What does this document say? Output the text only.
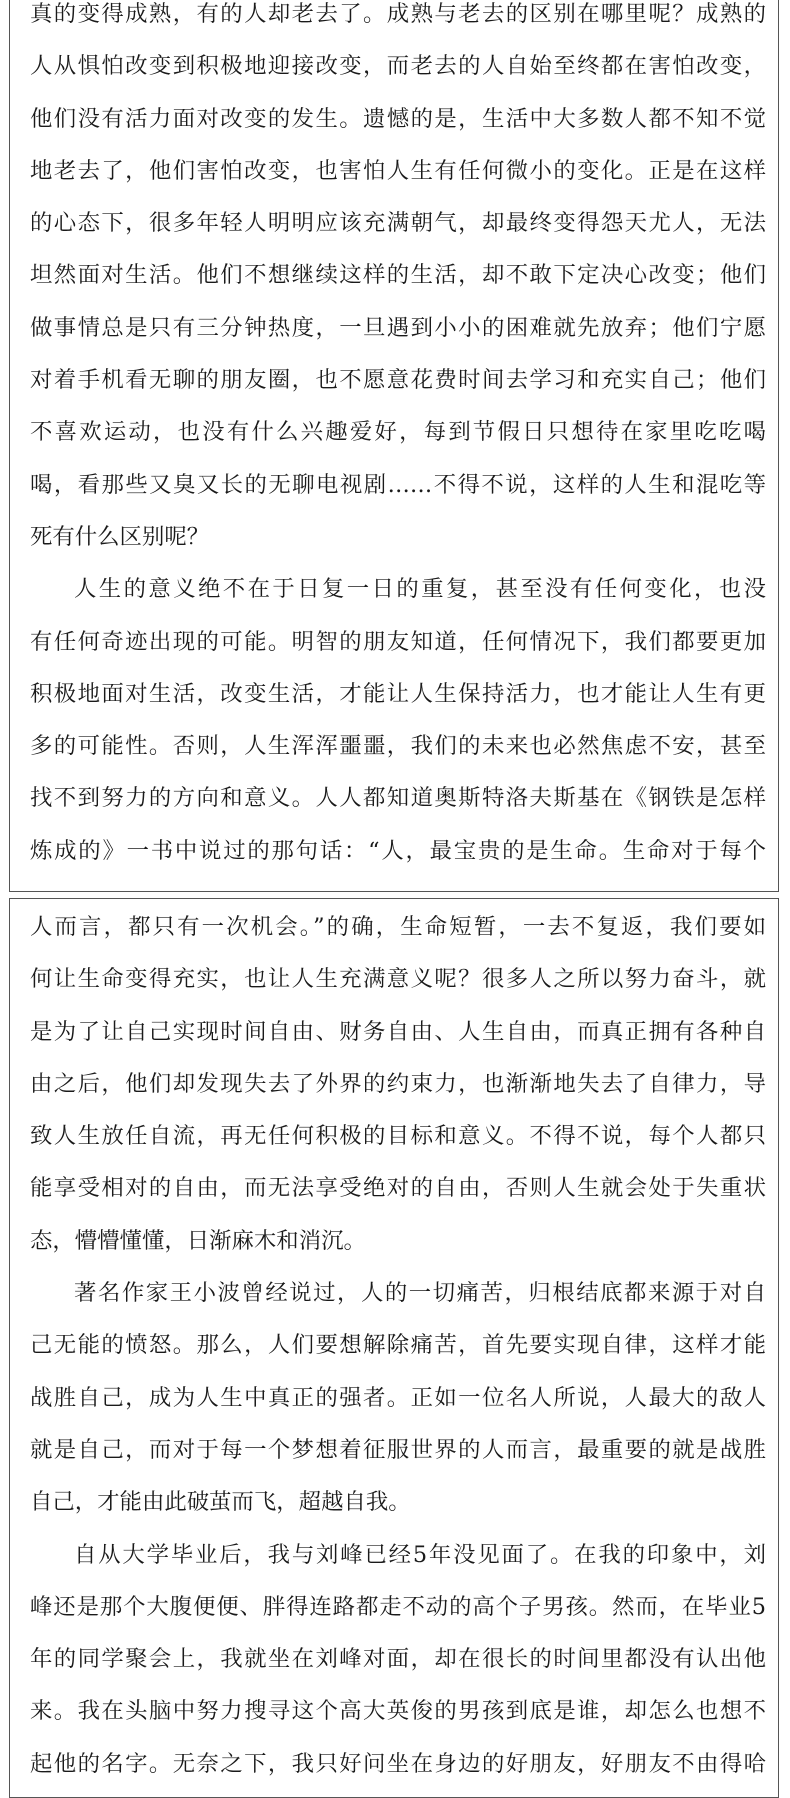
真的变得成熟，有的人却老去了。成熟与老去的区别在哪里呢？成熟的
人从惧怕改变到积极地迎接改变，而老去的人自始至终都在害怕改变，
他们没有活力面对改变的发生。遗憾的是，生活中大多数人都不知不觉
地老去了，他们害怕改变，也害怕人生有任何微小的变化。正是在这样
的心态下，很多年轻人明明应该充满朝气，却最终变得怨天尤人，无法
坦然面对生活。他们不想继续这样的生活，却不敢下定决心改变；他们
做事情总是只有三分钟热度，一旦遇到小小的困难就先放弃；他们宁愿
对着手机看无聊的朋友圈，也不愿意花费时间去学习和充实自己；他们
不喜欢运动，也没有什么兴趣爱好，每到节假日只想待在家里吃吃喝
喝，看那些又臭又长的无聊电视剧……不得不说，这样的人生和混吃等
死有什么区别呢？
人生的意义绝不在于日复一日的重复，甚至没有任何变化，也没
有任何奇迹出现的可能。明智的朋友知道，任何情况下，我们都要更加
积极地面对生活，改变生活，才能让人生保持活力，也才能让人生有更
多的可能性。否则，人生浑浑噩噩，我们的未来也必然焦虑不安，甚至
找不到努力的方向和意义。人人都知道奥斯特洛夫斯基在《钢铁是怎样
炼成的》一书中说过的那句话：“人，最宝贵的是生命。生命对于每个
人而言，都只有一次机会。”的确，生命短暂，一去不复返，我们要如
何让生命变得充实，也让人生充满意义呢？很多人之所以努力奋斗，就
是为了让自己实现时间自由、财务自由、人生自由，而真正拥有各种自
由之后，他们却发现失去了外界的约束力，也渐渐地失去了自律力，导
致人生放任自流，再无任何积极的目标和意义。不得不说，每个人都只
能享受相对的自由，而无法享受绝对的自由，否则人生就会处于失重状
态，懵懵懂懂，日渐麻木和消沉。
著名作家王小波曾经说过，人的一切痛苦，归根结底都来源于对自
己无能的愤怒。那么，人们要想解除痛苦，首先要实现自律，这样才能
战胜自己，成为人生中真正的强者。正如一位名人所说，人最大的敌人
就是自己，而对于每一个梦想着征服世界的人而言，最重要的就是战胜
自己，才能由此破茧而飞，超越自我。
自从大学毕业后，我与刘峰已经5年没见面了。在我的印象中，刘
峰还是那个大腹便便、胖得连路都走不动的高个子男孩。然而，在毕业5
年的同学聚会上，我就坐在刘峰对面，却在很长的时间里都没有认出他
来。我在头脑中努力搜寻这个高大英俊的男孩到底是谁，却怎么也想不
起他的名字。无奈之下，我只好问坐在身边的好朋友，好朋友不由得哈
